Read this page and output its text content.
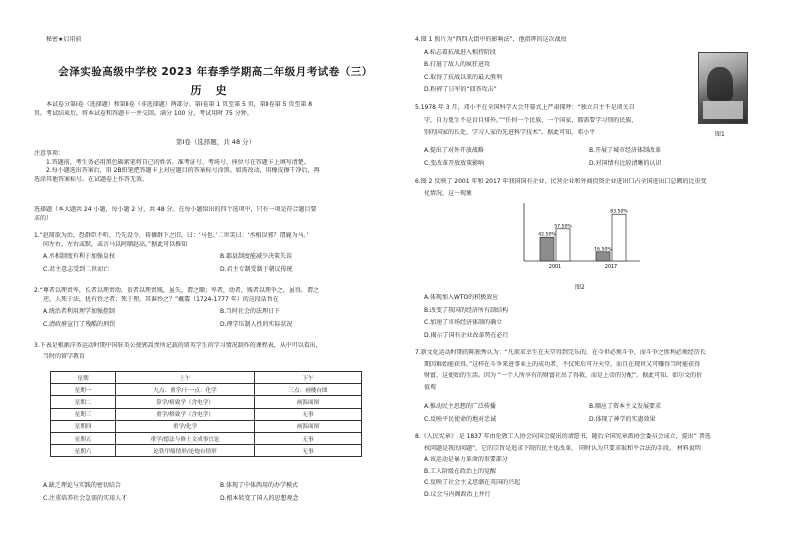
秘密★启用前

会泽实验高级中学校 2023 年春季学期高二年级月考试卷（三）

历史

本试卷分第Ⅰ卷（选择题）和第Ⅱ卷（非选择题）两部分。第Ⅰ卷第 1 页至第 5 页，第Ⅱ卷第 5 页至第 8

页。考试结束后，将本试卷和答题卡一并交回。满分 100 分，考试用时 75 分钟。

第Ⅰ卷（选择题，共 48 分）

注意事项：

1.答题前，考生务必用黑色碳素笔将自己的姓名、准考证号、考场号、座位号在答题卡上填写清楚。

2.每小题选出答案后，用 2B铅笔把答题卡上对应题目的答案标号涂黑。如需改动，用橡皮擦干净后，再

选涂其他答案标号。在试题卷上作答无效。

选择题（本大题共 24 小题，每小题 2 分，共 48 分。在每小题给出的四个选项中，只有一项是符合题目要

求的）

1.“赵简欲为治，恐群臣不听，乃先设令，祷禳群下之旧，曰：‘马也。’二世笑曰：‘丞相误邪？谓鹿为马。’

问左右，左右或默，或言马以阿顺赵高。”据此可以推知

A.丞相制度有利于加强皇权	B.郡县制度能减少决策失误
C.君主意志受到二世而亡	D.君主专制受制于朝议传统

2.“尊者以理责卑，长者以理责幼，贵者以理责贱，虽失，谓之顺；卑者，幼者，贱者以理争之，虽得，谓之

逆。人死于法，犹有怜之者；死于理，其谁怜之？”戴震（1724-1777 年）的这段话旨在

A.统治者利用理学加强控制	B.当时社会的法理日下
C.清政府宣行了残酷的刑罚	D.理学压制人性的实际状况

3.下表是根据洋务运动时期中国驻英公使郭嵩焘所记载的留英学生的学习情况制作的课程表，从中可以看出，

当时的留学教育

星期	上午	下午
星期一	九点：重学/十一点：化学	三点：画楼台图
星期二	算学/格致学（含电学）	画海面图
星期三	重学/格致学（含电学）	无事
星期四	重学/化学	画海面图
星期五	重学/德法与修土文成事宜论	无事
星期六	论铁甲船情形/论炮台情形	无事
A.缺乏理论与实践的密切结合	B.体现了中体西用的办学模式
C.注重培养社会急需的实用人才	D.根本转变了国人的思想观念

4.图 1 照片为“西四大街中的影响法”，他指挥的这次战役

A.标志着抗战进入相持阶段

B.打退了敌人的疯狂进攻

C.取得了抗战以来的最大胜利

D.粉碎了日军的“回答攻击”

图1

5.1978 年 3 月，邓小平在全国科学大会开幕式上严肃探呼：“独立自主不是闭关自

守，自力更生不是盲目排外。”“任何一个民族，一个国家，都需要学习别的民族、

别的国家的长处，学习人家的先进科学技术”。据此可知，邓小平

A.提出了对外开放战略	B.开展了城市经济体制改革
C.变改革开放放策影响	D.对国情有比较清晰的认识

6.图 2 反映了 2001 年和 2017 年我国国有企业、民营企业和外商投资企业进出口占全国进出口总额的比重变

化情况，这一现象

42.50%
57.50%
2001
16.50%
83.50%
2017

图2

A.体现加入WTO的积极效应

B.改变了我国的经济所有制结构

C.加速了市场经济体制的确立

D.揭示了国有企业改革势在必行

7.新文化运动时期的陈独秀认为：“凡欲求幸生在天堂得到完乐的，在今世必须斗争，而斗争之胜利必须经历长

期因难始能获得。”这样在斗争来进事业上的成功者，不仅死后可升天堂，而且在现世又可赚得当时能获得

财富，这使始的生活。因为 “一个人所享有的财富社出了得救，而是上帝的分配”。据此可知，如尔文的价

值观

A.推动民主思想的广泛传播	B.顺应了资本主义发展要求
C.反映平民使命的地对忠诚	D.体现了神学的实惠效果

8.《人民宪章》 是 1837 年由伦敦工人协会向国会提出的请愿书，随后全国宪章派协会委员会成立，提出“ 普选

权问题是我的问题”，它的宗旨是追求下院的民主化改革， 同时认为只要求取和平合法的手段。 材料说明

A.该运动是暴力革命的重要部分

B.工人阶级在政治上的觉醒

C.反映了社会主义思潮在英国的兴起

D.议会与内阁政治上并行
